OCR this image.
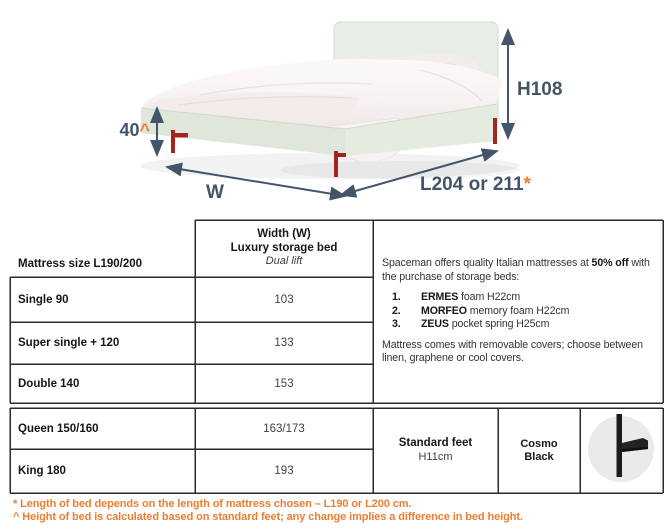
H108
40^
W	L204 or 211*
Mattress size L190/200
Width (W)
Luxury storage bed
Dual lift
Single 90	103
Super single + 120	133
Double 140	153
Queen 150/160	163/173
King 180	193

Spaceman offers quality Italian mattresses at 50% off with the purchase of storage beds:

1.	ERMES foam H22cm
2.	MORFEO memory foam H22cm
3.	ZEUS pocket spring H25cm

Mattress comes with removable covers; choose between linen, graphene or cool covers.

Standard feet
H11cm
Cosmo
Black
* Length of bed depends on the length of mattress chosen – L190 or L200 cm.
^ Height of bed is calculated based on standard feet; any change implies a difference in bed height.
